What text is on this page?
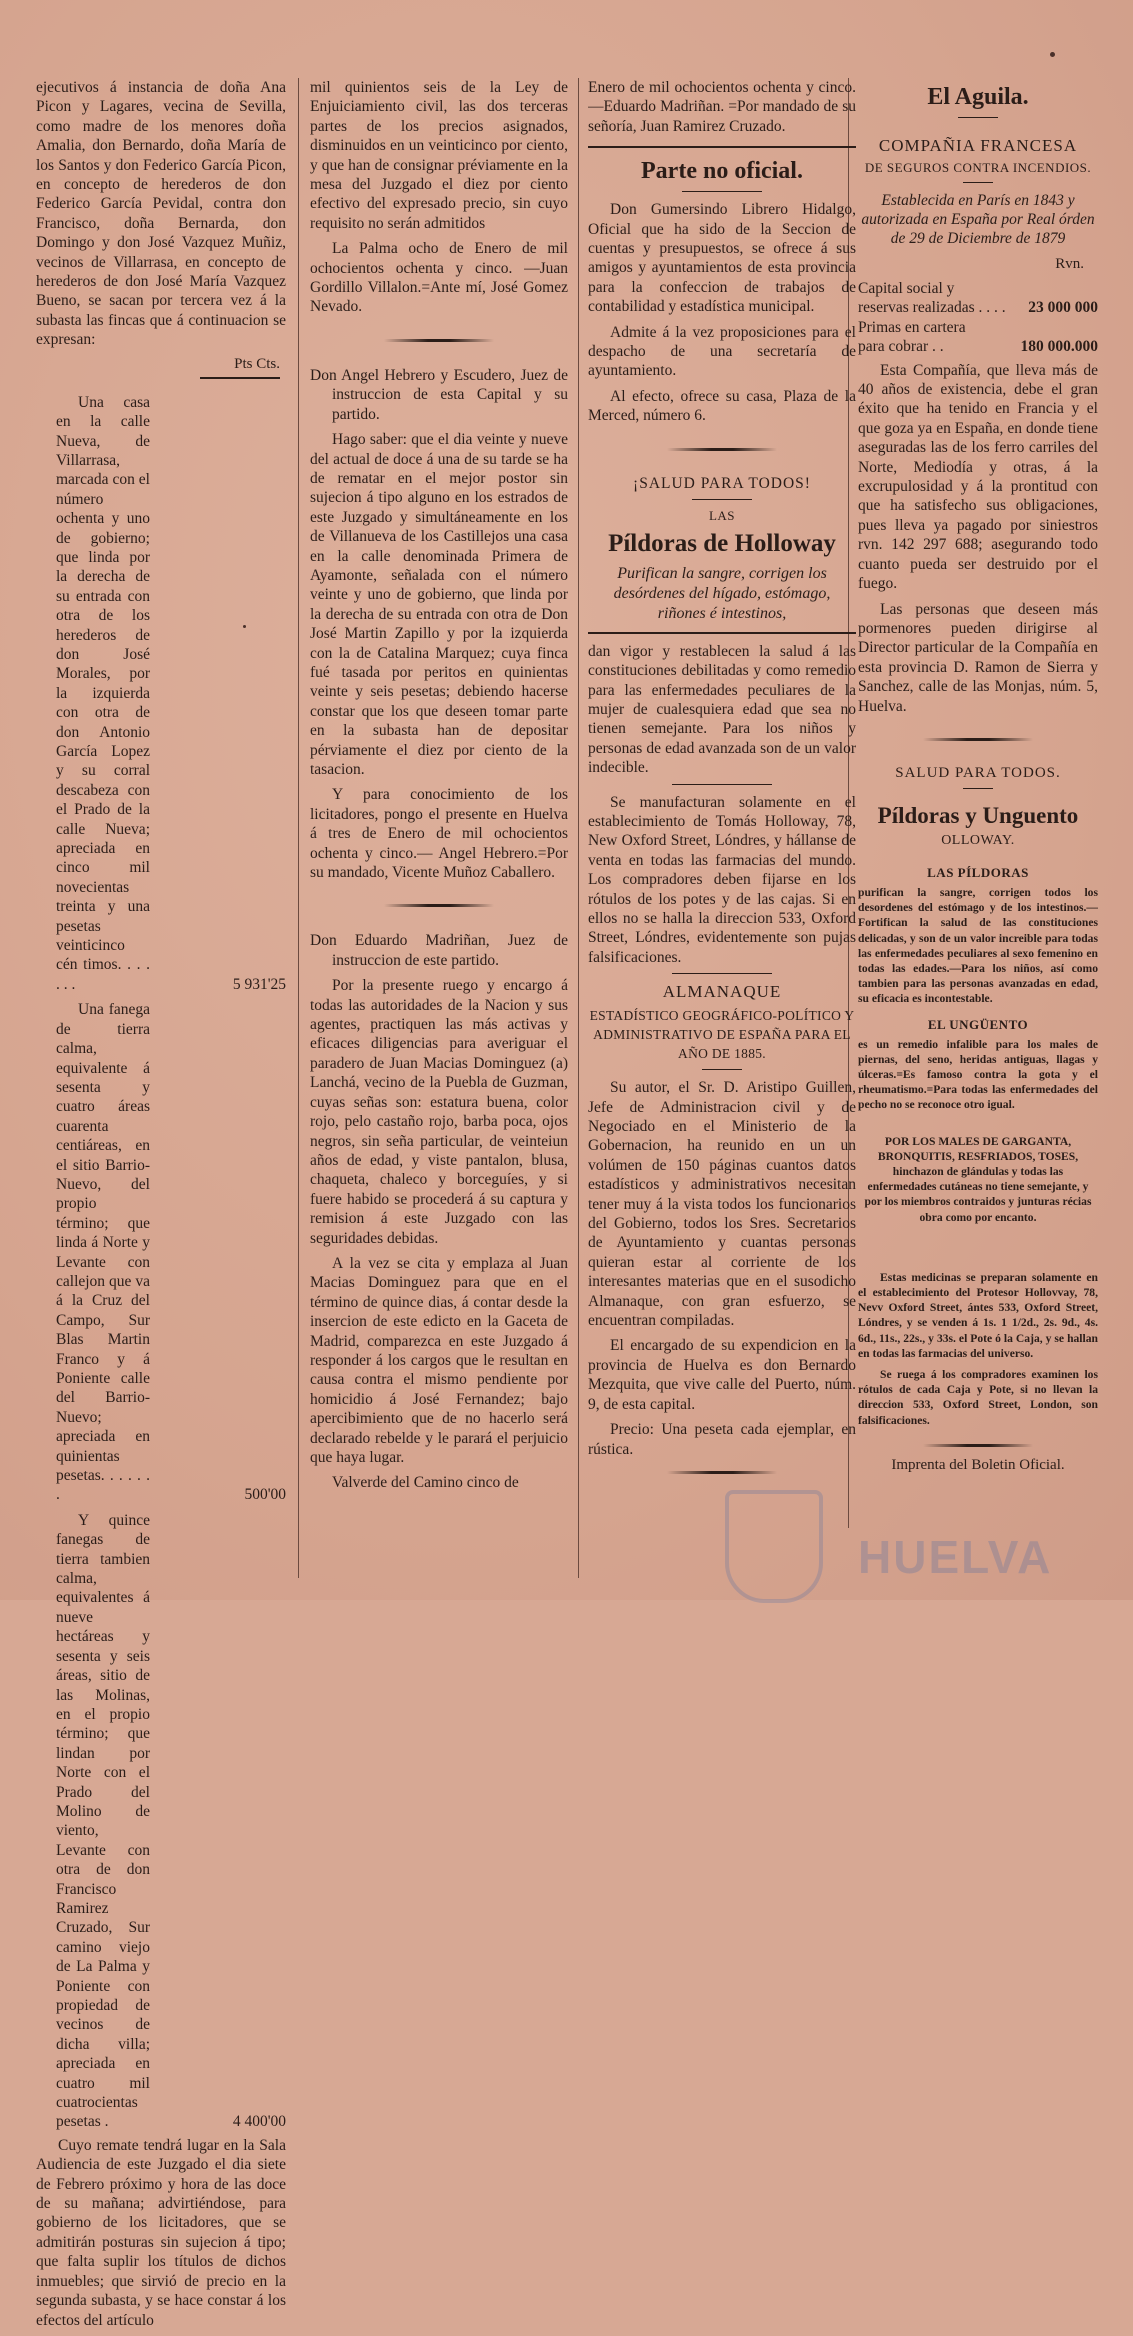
ejecutivos á instancia de doña Ana Picon y Lagares, vecina de Sevilla, como madre de los menores doña Amalia, don Bernardo, doña María de los Santos y don Federico García Picon, en concepto de herederos de don Federico García Pevidal, contra don Francisco, doña Bernarda, don Domingo y don José Vazquez Muñiz, vecinos de Villarrasa, en concepto de herederos de don José María Vazquez Bueno, se sacan por tercera vez á la subasta las fincas que á continuacion se expresan:

Pts Cts.
Una casa en la calle Nueva, de Villarrasa, marcada con el número ochenta y uno de gobierno; que linda por la derecha de su entrada con otra de los herederos de don José Morales, por la izquierda con otra de don Antonio García Lopez y su corral descabeza con el Prado de la calle Nueva; apreciada en cinco mil novecientas treinta y una pesetas veinticinco cén timos. . . . . . .	5 931'25
Una fanega de tierra calma, equivalente á sesenta y cuatro áreas cuarenta centiáreas, en el sitio Barrio-Nuevo, del propio término; que linda á Norte y Levante con callejon que va á la Cruz del Campo, Sur Blas Martin Franco y á Poniente calle del Barrio-Nuevo; apreciada en quinientas pesetas. . . . . . .	500'00
Y quince fanegas de tierra tambien calma, equivalentes á nueve hectáreas y sesenta y seis áreas, sitio de las Molinas, en el propio término; que lindan por Norte con el Prado del Molino de viento, Levante con otra de don Francisco Ramirez Cruzado, Sur camino viejo de La Palma y Poniente con propiedad de vecinos de dicha villa; apreciada en cuatro mil cuatrocientas pesetas .	4 400'00

Cuyo remate tendrá lugar en la Sala Audiencia de este Juzgado el dia siete de Febrero próximo y hora de las doce de su mañana; advirtiéndose, para gobierno de los licitadores, que se admitirán posturas sin sujecion á tipo; que falta suplir los títulos de dichos inmuebles; que sirvió de precio en la segunda subasta, y se hace constar á los efectos del artículo

mil quinientos seis de la Ley de Enjuiciamiento civil, las dos terceras partes de los precios asignados, disminuidos en un veinticinco por ciento, y que han de consignar préviamente en la mesa del Juzgado el diez por ciento efectivo del expresado precio, sin cuyo requisito no serán admitidos

La Palma ocho de Enero de mil ochocientos ochenta y cinco. —Juan Gordillo Villalon.=Ante mí, José Gomez Nevado.

Don Angel Hebrero y Escudero, Juez de instruccion de esta Capital y su partido.

Hago saber: que el dia veinte y nueve del actual de doce á una de su tarde se ha de rematar en el mejor postor sin sujecion á tipo alguno en los estrados de este Juzgado y simultáneamente en los de Villanueva de los Castillejos una casa en la calle denominada Primera de Ayamonte, señalada con el número veinte y uno de gobierno, que linda por la derecha de su entrada con otra de Don José Martin Zapillo y por la izquierda con la de Catalina Marquez; cuya finca fué tasada por peritos en quinientas veinte y seis pesetas; debiendo hacerse constar que los que deseen tomar parte en la subasta han de depositar pérviamente el diez por ciento de la tasacion.

Y para conocimiento de los licitadores, pongo el presente en Huelva á tres de Enero de mil ochocientos ochenta y cinco.— Angel Hebrero.=Por su mandado, Vicente Muñoz Caballero.

Don Eduardo Madriñan, Juez de instruccion de este partido.

Por la presente ruego y encargo á todas las autoridades de la Nacion y sus agentes, practiquen las más activas y eficaces diligencias para averiguar el paradero de Juan Macias Dominguez (a) Lanchá, vecino de la Puebla de Guzman, cuyas señas son: estatura buena, color rojo, pelo castaño rojo, barba poca, ojos negros, sin seña particular, de veinteiun años de edad, y viste pantalon, blusa, chaqueta, chaleco y borceguíes, y si fuere habido se procederá á su captura y remision á este Juzgado con las seguridades debidas.

A la vez se cita y emplaza al Juan Macias Dominguez para que en el término de quince dias, á contar desde la insercion de este edicto en la Gaceta de Madrid, comparezca en este Juzgado á responder á los cargos que le resultan en causa contra el mismo pendiente por homicidio á José Fernandez; bajo apercibimiento que de no hacerlo será declarado rebelde y le parará el perjuicio que haya lugar.

Valverde del Camino cinco de

Enero de mil ochocientos ochenta y cinco.—Eduardo Madriñan. =Por mandado de su señoría, Juan Ramirez Cruzado.

Parte no oficial.

Don Gumersindo Librero Hidalgo, Oficial que ha sido de la Seccion de cuentas y presupuestos, se ofrece á sus amigos y ayuntamientos de esta provincia para la confeccion de trabajos de contabilidad y estadística municipal.

Admite á la vez proposiciones para el despacho de una secretaría de ayuntamiento.

Al efecto, ofrece su casa, Plaza de la Merced, número 6.

¡SALUD PARA TODOS!
LAS
Píldoras de Holloway
Purifican la sangre, corrigen los desórdenes del hígado, estómago, riñones é intestinos,

dan vigor y restablecen la salud á las constituciones debilitadas y como remedio para las enfermedades peculiares de la mujer de cualesquiera edad que sea no tienen semejante. Para los niños y personas de edad avanzada son de un valor indecible.

Se manufacturan solamente en el establecimiento de Tomás Holloway, 78, New Oxford Street, Lóndres, y hállanse de venta en todas las farmacias del mundo. Los compradores deben fijarse en los rótulos de los potes y de las cajas. Si en ellos no se halla la direccion 533, Oxford Street, Lóndres, evidentemente son pujas falsificaciones.

ALMANAQUE
ESTADÍSTICO GEOGRÁFICO-POLÍTICO Y ADMINISTRATIVO DE ESPAÑA PARA EL AÑO DE 1885.

Su autor, el Sr. D. Aristipo Guillen, Jefe de Administracion civil y de Negociado en el Ministerio de la Gobernacion, ha reunido en un un volúmen de 150 páginas cuantos datos estadísticos y administrativos necesitan tener muy á la vista todos los funcionarios del Gobierno, todos los Sres. Secretarios de Ayuntamiento y cuantas personas quieran estar al corriente de los interesantes materias que en el susodicho Almanaque, con gran esfuerzo, se encuentran compiladas.

El encargado de su expendicion en la provincia de Huelva es don Bernardo Mezquita, que vive calle del Puerto, núm. 9, de esta capital.

Precio: Una peseta cada ejemplar, en rústica.

El Aguila.
COMPAÑIA FRANCESA
DE SEGUROS CONTRA INCENDIOS.
Establecida en París en 1843 y autorizada en España por Real órden de 29 de Diciembre de 1879
Rvn.
Capital social y reservas realizadas . . . . 23 000 000
Primas en cartera para cobrar . .	180 000.000

Esta Compañía, que lleva más de 40 años de existencia, debe el gran éxito que ha tenido en Francia y el que goza ya en España, en donde tiene aseguradas las de los ferro carriles del Norte, Mediodía y otras, á la excrupulosidad y á la prontitud con que ha satisfecho sus obligaciones, pues lleva ya pagado por siniestros rvn. 142 297 688; asegurando todo cuanto pueda ser destruido por el fuego.

Las personas que deseen más pormenores pueden dirigirse al Director particular de la Compañía en esta provincia D. Ramon de Sierra y Sanchez, calle de las Monjas, núm. 5, Huelva.

SALUD PARA TODOS.
Píldoras y Unguento
OLLOWAY.
LAS PÍLDORAS

purifican la sangre, corrigen todos los desordenes del estómago y de los intestinos.—Fortifican la salud de las constituciones delicadas, y son de un valor increible para todas las enfermedades peculiares al sexo femenino en todas las edades.—Para los niños, así como tambien para las personas avanzadas en edad, su eficacia es incontestable.

EL UNGÜENTO

es un remedio infalible para los males de piernas, del seno, heridas antiguas, llagas y úlceras.=Es famoso contra la gota y el rheumatismo.=Para todas las enfermedades del pecho no se reconoce otro igual.

POR LOS MALES DE GARGANTA, BRONQUITIS, RESFRIADOS, TOSES, hinchazon de glándulas y todas las enfermedades cutáneas no tiene semejante, y por los miembros contraidos y junturas récias obra como por encanto.

Estas medicinas se preparan solamente en el establecimiento del Protesor Hollovvay, 78, Nevv Oxford Street, ántes 533, Oxford Street, Lóndres, y se venden á 1s. 1 1/2d., 2s. 9d., 4s. 6d., 11s., 22s., y 33s. el Pote ó la Caja, y se hallan en todas las farmacias del universo.

Se ruega á los compradores examinen los rótulos de cada Caja y Pote, si no llevan la direccion 533, Oxford Street, London, son falsificaciones.

Imprenta del Boletin Oficial.
HUELVA
